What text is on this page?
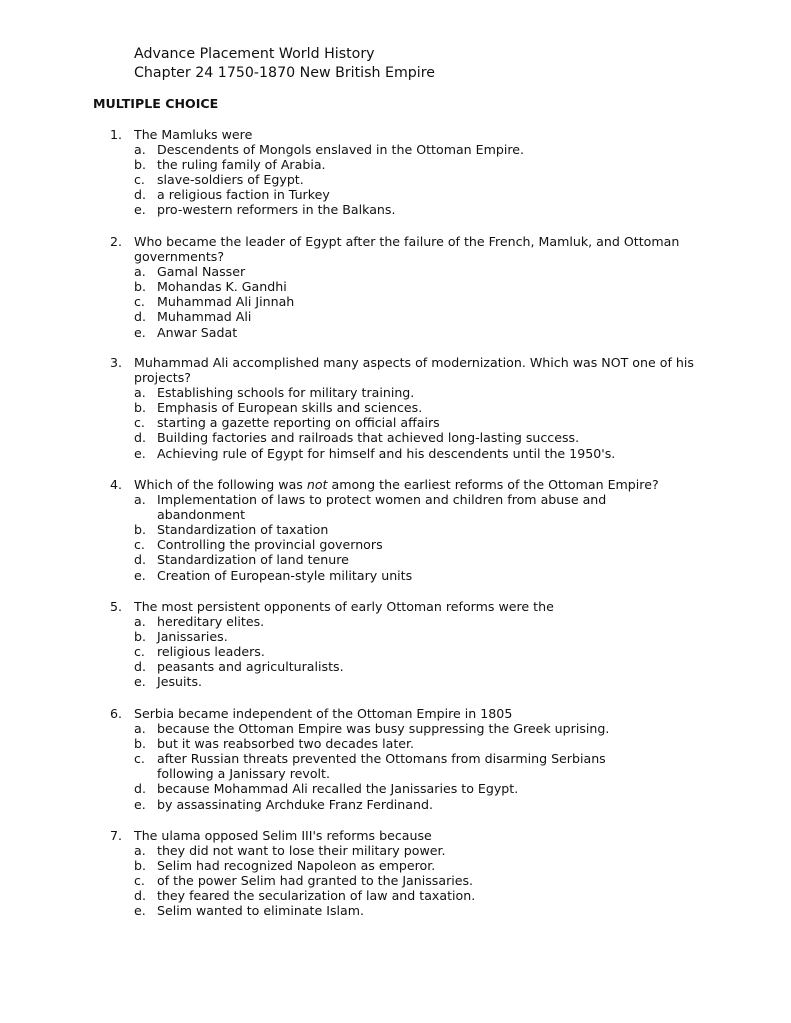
Advance Placement World History
Chapter 24 1750-1870 New British Empire
MULTIPLE CHOICE
1. The Mamluks were
a. Descendents of Mongols enslaved in the Ottoman Empire.
b. the ruling family of Arabia.
c. slave-soldiers of Egypt.
d. a religious faction in Turkey
e. pro-western reformers in the Balkans.
2. Who became the leader of Egypt after the failure of the French, Mamluk, and Ottoman governments?
a. Gamal Nasser
b. Mohandas K. Gandhi
c. Muhammad Ali Jinnah
d. Muhammad Ali
e. Anwar Sadat
3. Muhammad Ali accomplished many aspects of modernization. Which was NOT one of his projects?
a. Establishing schools for military training.
b. Emphasis of European skills and sciences.
c. starting a gazette reporting on official affairs
d. Building factories and railroads that achieved long-lasting success.
e. Achieving rule of Egypt for himself and his descendents until the 1950's.
4. Which of the following was not among the earliest reforms of the Ottoman Empire?
a. Implementation of laws to protect women and children from abuse and abandonment
b. Standardization of taxation
c. Controlling the provincial governors
d. Standardization of land tenure
e. Creation of European-style military units
5. The most persistent opponents of early Ottoman reforms were the
a. hereditary elites.
b. Janissaries.
c. religious leaders.
d. peasants and agriculturalists.
e. Jesuits.
6. Serbia became independent of the Ottoman Empire in 1805
a. because the Ottoman Empire was busy suppressing the Greek uprising.
b. but it was reabsorbed two decades later.
c. after Russian threats prevented the Ottomans from disarming Serbians following a Janissary revolt.
d. because Mohammad Ali recalled the Janissaries to Egypt.
e. by assassinating Archduke Franz Ferdinand.
7. The ulama opposed Selim III's reforms because
a. they did not want to lose their military power.
b. Selim had recognized Napoleon as emperor.
c. of the power Selim had granted to the Janissaries.
d. they feared the secularization of law and taxation.
e. Selim wanted to eliminate Islam.
